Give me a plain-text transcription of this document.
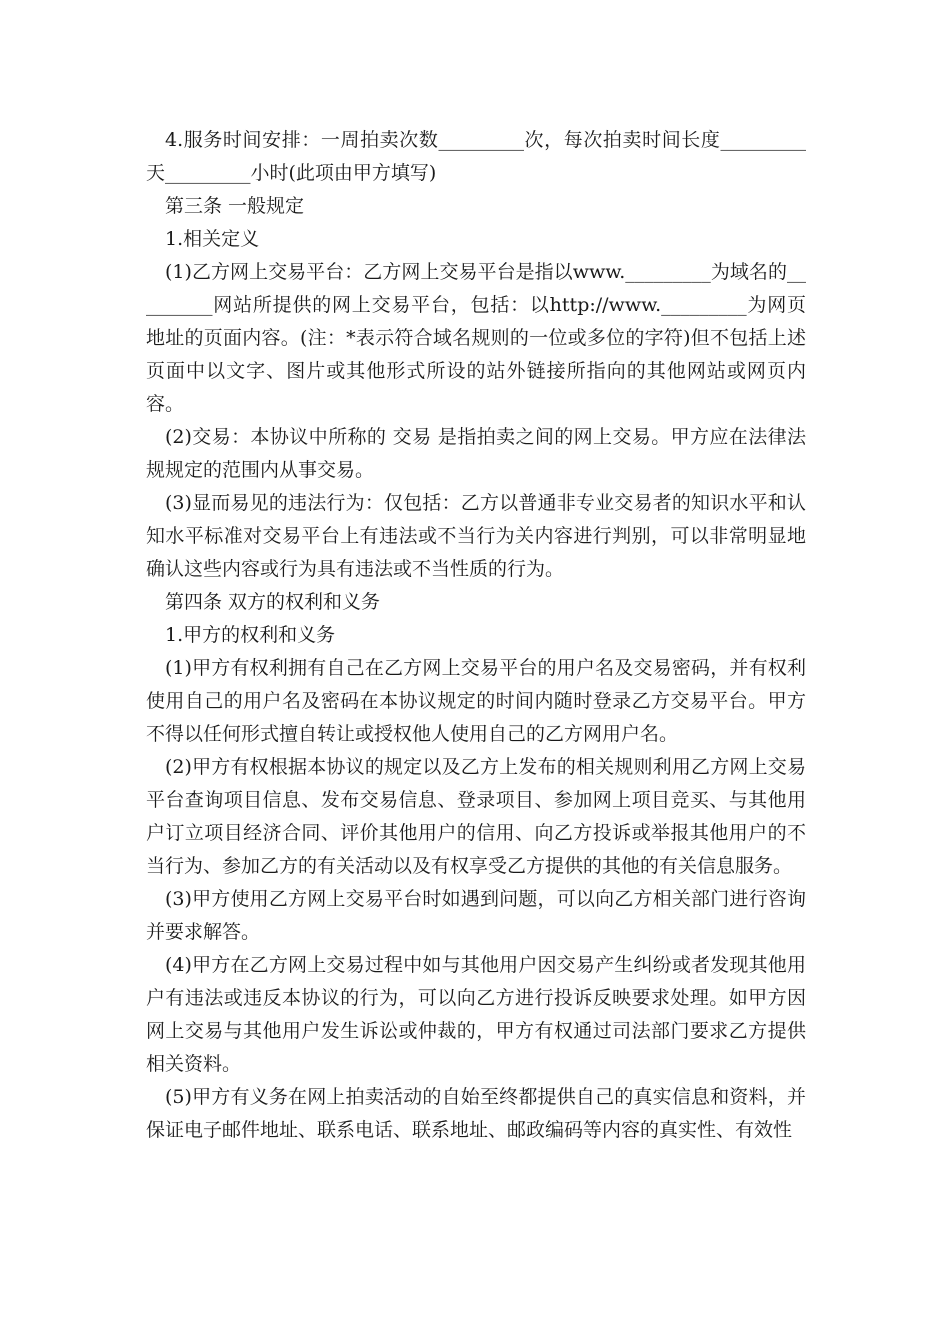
4.服务时间安排：一周拍卖次数_________次，每次拍卖时间长度_________天_________小时(此项由甲方填写)

第三条 一般规定

1.相关定义

(1)乙方网上交易平台：乙方网上交易平台是指以www._________为域名的_________网站所提供的网上交易平台，包括：以http://www._________为网页地址的页面内容。(注：*表示符合域名规则的一位或多位的字符)但不包括上述页面中以文字、图片或其他形式所设的站外链接所指向的其他网站或网页内容。

(2)交易：本协议中所称的 交易 是指拍卖之间的网上交易。甲方应在法律法规规定的范围内从事交易。

(3)显而易见的违法行为：仅包括：乙方以普通非专业交易者的知识水平和认知水平标准对交易平台上有违法或不当行为关内容进行判别，可以非常明显地确认这些内容或行为具有违法或不当性质的行为。

第四条 双方的权利和义务

1.甲方的权利和义务

(1)甲方有权利拥有自己在乙方网上交易平台的用户名及交易密码，并有权利使用自己的用户名及密码在本协议规定的时间内随时登录乙方交易平台。甲方不得以任何形式擅自转让或授权他人使用自己的乙方网用户名。

(2)甲方有权根据本协议的规定以及乙方上发布的相关规则利用乙方网上交易平台查询项目信息、发布交易信息、登录项目、参加网上项目竞买、与其他用户订立项目经济合同、评价其他用户的信用、向乙方投诉或举报其他用户的不当行为、参加乙方的有关活动以及有权享受乙方提供的其他的有关信息服务。

(3)甲方使用乙方网上交易平台时如遇到问题，可以向乙方相关部门进行咨询并要求解答。

(4)甲方在乙方网上交易过程中如与其他用户因交易产生纠纷或者发现其他用户有违法或违反本协议的行为，可以向乙方进行投诉反映要求处理。如甲方因网上交易与其他用户发生诉讼或仲裁的，甲方有权通过司法部门要求乙方提供相关资料。

(5)甲方有义务在网上拍卖活动的自始至终都提供自己的真实信息和资料，并保证电子邮件地址、联系电话、联系地址、邮政编码等内容的真实性、有效性
